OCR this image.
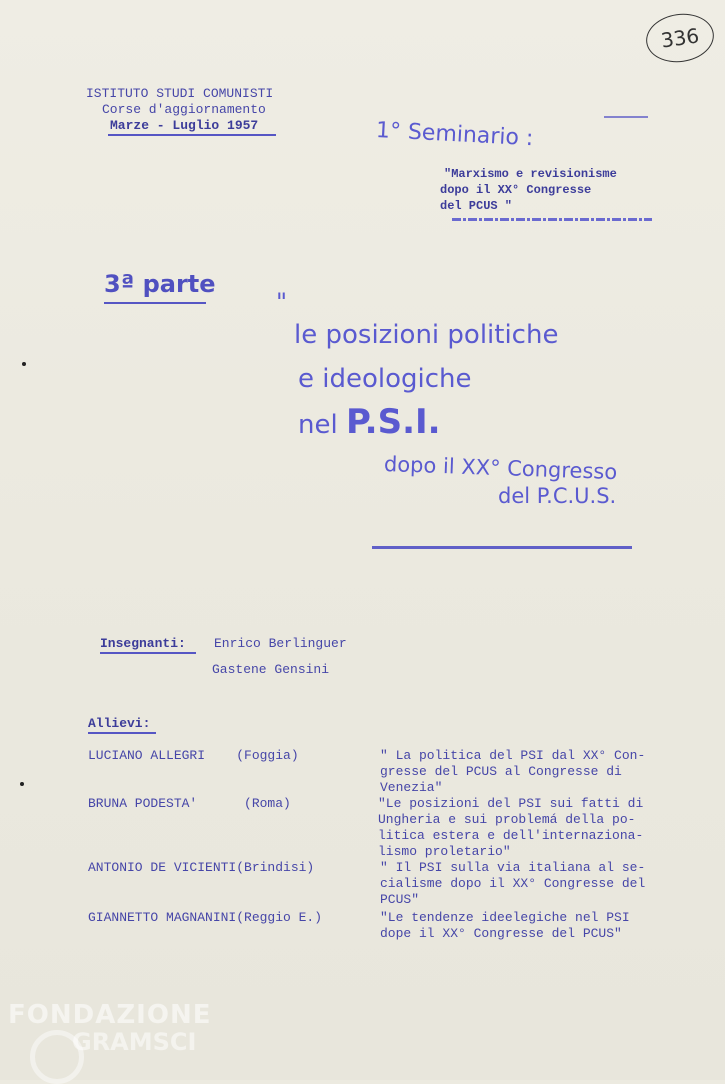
336
ISTITUTO STUDI COMUNISTI
Corse d'aggiornamento
Marze - Luglio 1957	1° Seminario :
"Marxismo e revisionisme
dopo il XX° Congresse
del PCUS "
3ª parte
"
le posizioni politiche
e ideologiche
nel P.S.I.
dopo il XX° Congresso
del P.C.U.S.
Insegnanti: Enrico Berlinguer
Gastene Gensini
Allievi:

LUCIANO ALLEGRI    (Foggia)

	" La politica del PSI dal XX° Con-
gresse del PCUS al Congresse di
Venezia"

BRUNA PODESTA'      (Roma)

	"Le posizioni del PSI sui fatti di
Ungheria e sui problemá della po-
litica estera e dell'internaziona-
lismo proletario"

ANTONIO DE VICIENTI(Brindisi)

	" Il PSI sulla via italiana al se-
cialisme dopo il XX° Congresse del
PCUS"

GIANNETTO MAGNANINI(Reggio E.)

	"Le tendenze ideelegiche nel PSI
dope il XX° Congresse del PCUS"

FONDAZIONE
GRAMSCI
